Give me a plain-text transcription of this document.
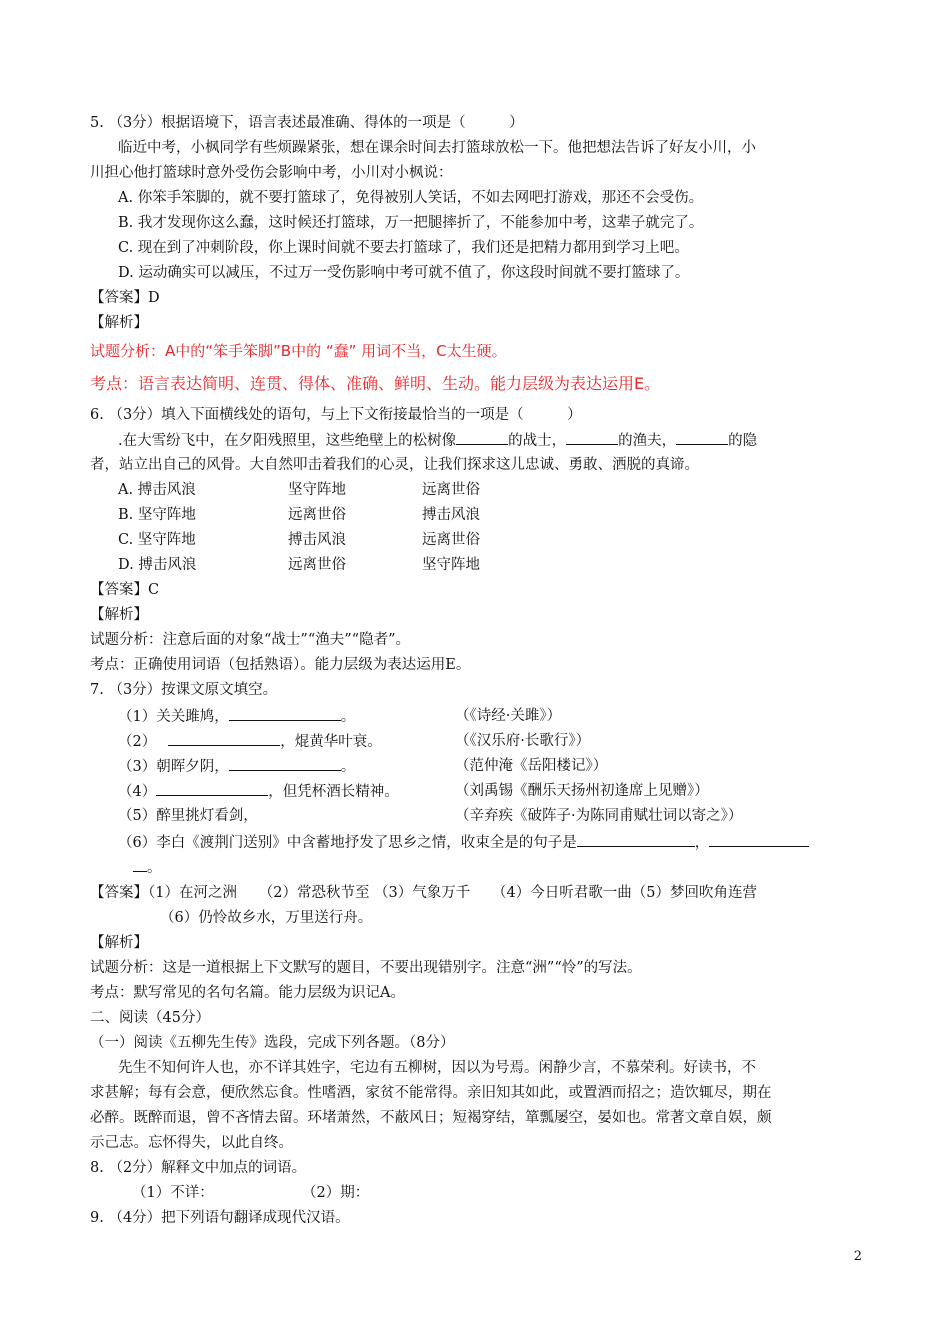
5. （3分）根据语境下，语言表述最准确、得体的一项是（　　　）
临近中考，小枫同学有些烦躁紧张，想在课余时间去打篮球放松一下。他把想法告诉了好友小川，小
川担心他打篮球时意外受伤会影响中考，小川对小枫说：
A. 你笨手笨脚的，就不要打篮球了，免得被别人笑话，不如去网吧打游戏，那还不会受伤。
B. 我才发现你这么蠢，这时候还打篮球，万一把腿摔折了，不能参加中考，这辈子就完了。
C. 现在到了冲刺阶段，你上课时间就不要去打篮球了，我们还是把精力都用到学习上吧。
D. 运动确实可以减压，不过万一受伤影响中考可就不值了，你这段时间就不要打篮球了。
【答案】D
【解析】
试题分析：A中的“笨手笨脚”B中的 “蠢” 用词不当，C太生硬。
考点：语言表达简明、连贯、得体、准确、鲜明、生动。能力层级为表达运用E。
6. （3分）填入下面横线处的语句，与上下文衔接最恰当的一项是（　　　）
.在大雪纷飞中，在夕阳残照里，这些绝壁上的松树像	的战士，	的渔夫，	的隐
者，站立出自己的风骨。大自然叩击着我们的心灵，让我们探求这儿忠诚、勇敢、洒脱的真谛。
A. 搏击风浪	坚守阵地	远离世俗
B. 坚守阵地	远离世俗	搏击风浪
C. 坚守阵地	搏击风浪	远离世俗
D. 搏击风浪	远离世俗	坚守阵地
【答案】C
【解析】
试题分析：注意后面的对象“战士”“渔夫”“隐者”。
考点：正确使用词语（包括熟语）。能力层级为表达运用E。
7. （3分）按课文原文填空。
（1）关关雎鸠，	。	（《诗经·关雎》）
（2）	，焜黄华叶衰。	（《汉乐府·长歌行》）
（3）朝晖夕阴，	。	（范仲淹《岳阳楼记》）
（4）	，但凭杯酒长精神。	（刘禹锡《酬乐天扬州初逢席上见赠》）
（5）醉里挑灯看剑，	（辛弃疾《破阵子·为陈同甫赋壮词以寄之》）
（6）李白《渡荆门送别》中含蓄地抒发了思乡之情，收束全是的句子是	，
。
【答案】（1）在河之洲　　（2）常恐秋节至 （3）气象万千　　（4）今日听君歌一曲（5）梦回吹角连营
（6）仍怜故乡水，万里送行舟。
【解析】
试题分析：这是一道根据上下文默写的题目，不要出现错别字。注意“洲”“怜”的写法。
考点：默写常见的名句名篇。能力层级为识记A。
二、阅读（45分）
（一）阅读《五柳先生传》选段，完成下列各题。（8分）
先生不知何许人也，亦不详其姓字，宅边有五柳树，因以为号焉。闲静少言，不慕荣利。好读书，不
求甚解；每有会意，便欣然忘食。性嗜酒，家贫不能常得。亲旧知其如此，或置酒而招之；造饮辄尽，期在
必醉。既醉而退，曾不吝情去留。环堵萧然，不蔽风日；短褐穿结，箪瓢屡空，晏如也。常著文章自娱，颇
示己志。忘怀得失，以此自终。
8. （2分）解释文中加点的词语。
（1）不详：	（2）期：
9. （4分）把下列语句翻译成现代汉语。
2
